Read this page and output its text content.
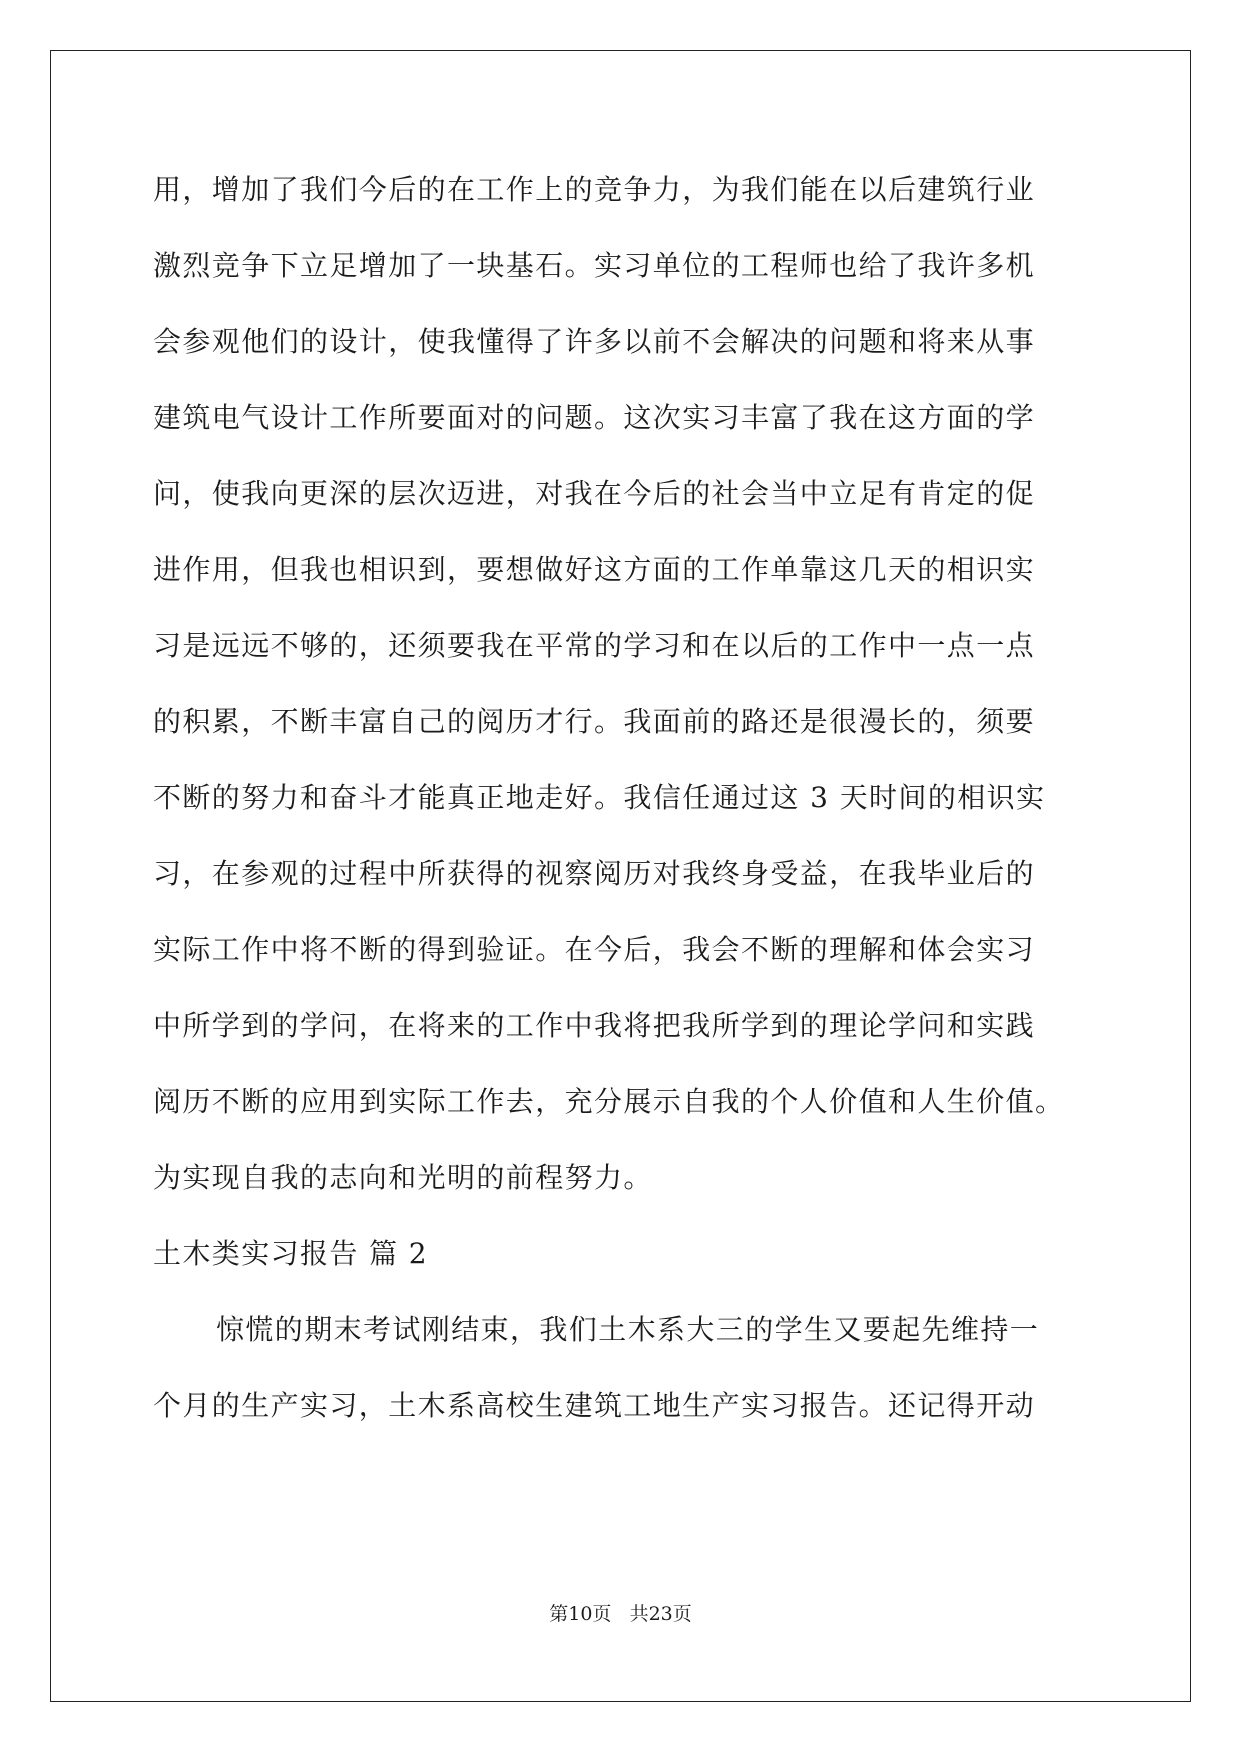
用，增加了我们今后的在工作上的竞争力，为我们能在以后建筑行业
激烈竞争下立足增加了一块基石。实习单位的工程师也给了我许多机
会参观他们的设计，使我懂得了许多以前不会解决的问题和将来从事
建筑电气设计工作所要面对的问题。这次实习丰富了我在这方面的学
问，使我向更深的层次迈进，对我在今后的社会当中立足有肯定的促
进作用，但我也相识到，要想做好这方面的工作单靠这几天的相识实
习是远远不够的，还须要我在平常的学习和在以后的工作中一点一点
的积累，不断丰富自己的阅历才行。我面前的路还是很漫长的，须要
不断的努力和奋斗才能真正地走好。我信任通过这 3 天时间的相识实
习，在参观的过程中所获得的视察阅历对我终身受益，在我毕业后的
实际工作中将不断的得到验证。在今后，我会不断的理解和体会实习
中所学到的学问，在将来的工作中我将把我所学到的理论学问和实践
阅历不断的应用到实际工作去，充分展示自我的个人价值和人生价值。
为实现自我的志向和光明的前程努力。
土木类实习报告 篇 2
惊慌的期末考试刚结束，我们土木系大三的学生又要起先维持一
个月的生产实习，土木系高校生建筑工地生产实习报告。还记得开动
第10页 共23页
